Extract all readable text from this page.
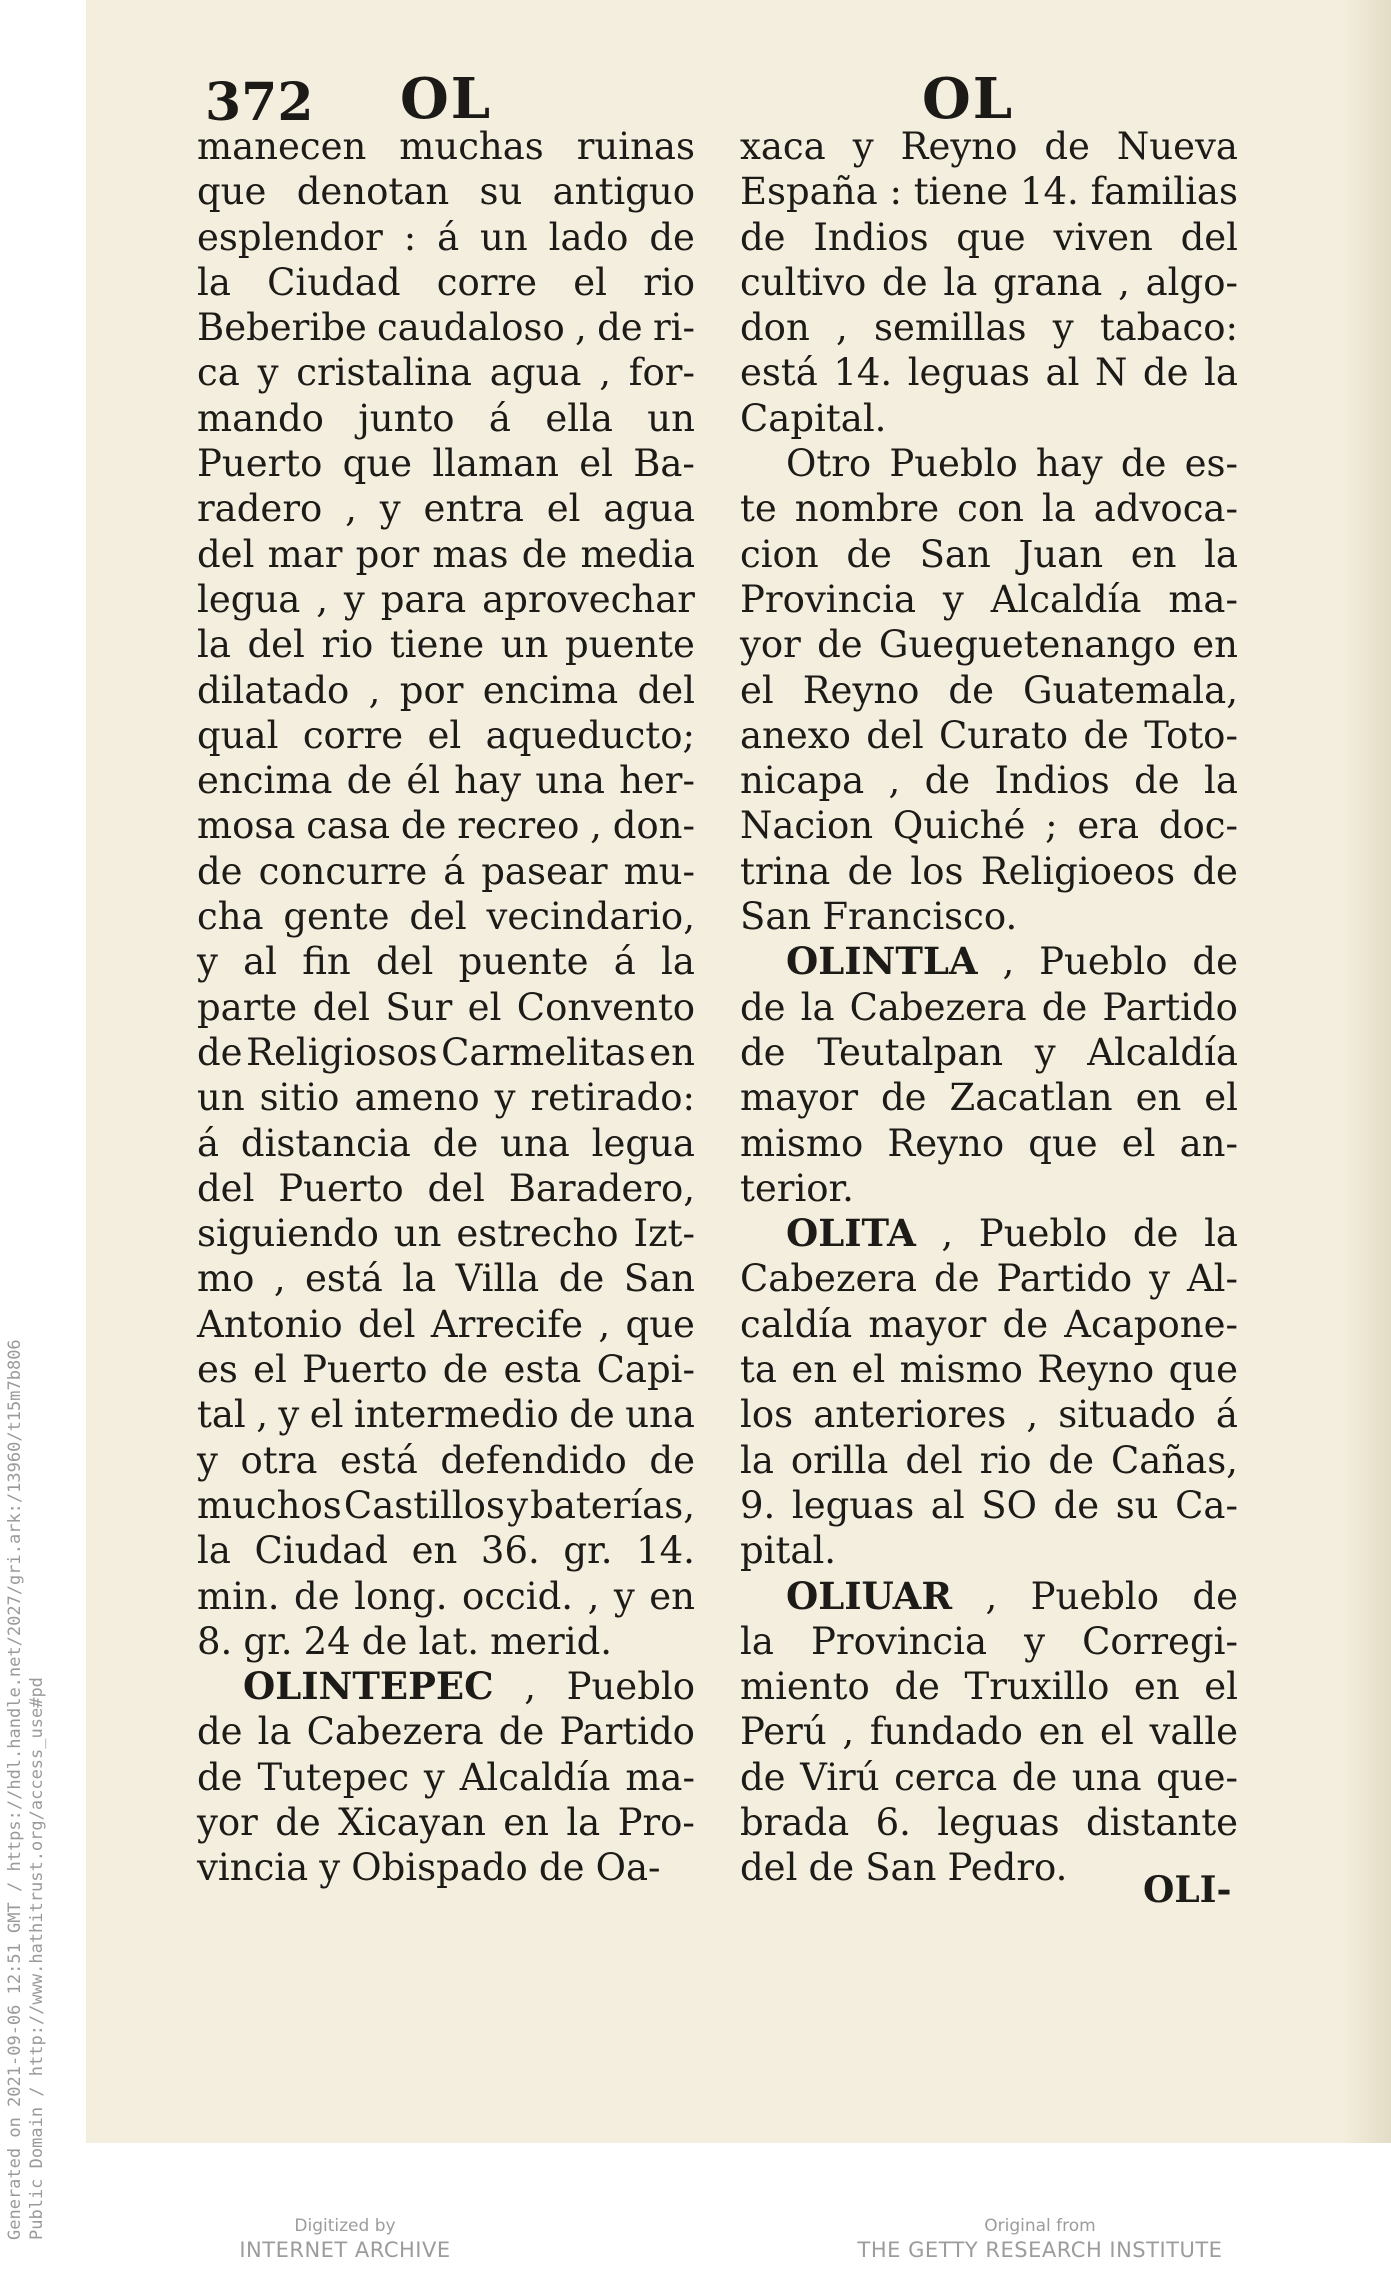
372 OL	OL
manecen muchas ruinas
que denotan su antiguo
esplendor : á un lado de
la Ciudad corre el rio
Beberibe caudaloso , de ri-
ca y cristalina agua , for-
mando junto á ella un
Puerto que llaman el Ba-
radero , y entra el agua
del mar por mas de media
legua , y para aprovechar
la del rio tiene un puente
dilatado , por encima del
qual corre el aqueducto;
encima de él hay una her-
mosa casa de recreo , don-
de concurre á pasear mu-
cha gente del vecindario,
y al fin del puente á la
parte del Sur el Convento
de Religiosos Carmelitas en
un sitio ameno y retirado:
á distancia de una legua
del Puerto del Baradero,
siguiendo un estrecho Izt-
mo , está la Villa de San
Antonio del Arrecife , que
es el Puerto de esta Capi-
tal , y el intermedio de una
y otra está defendido de
muchos Castillos y baterías,
la Ciudad en 36. gr. 14.
min. de long. occid. , y en
8. gr. 24 de lat. merid.
OLINTEPEC , Pueblo
de la Cabezera de Partido
de Tutepec y Alcaldía ma-
yor de Xicayan en la Pro-
vincia y Obispado de Oa-
xaca y Reyno de Nueva
España : tiene 14. familias
de Indios que viven del
cultivo de la grana , algo-
don , semillas y tabaco:
está 14. leguas al N de la
Capital.
Otro Pueblo hay de es-
te nombre con la advoca-
cion de San Juan en la
Provincia y Alcaldía ma-
yor de Gueguetenango en
el Reyno de Guatemala,
anexo del Curato de Toto-
nicapa , de Indios de la
Nacion Quiché ; era doc-
trina de los Religioeos de
San Francisco.
OLINTLA , Pueblo de
de la Cabezera de Partido
de Teutalpan y Alcaldía
mayor de Zacatlan en el
mismo Reyno que el an-
terior.
OLITA , Pueblo de la
Cabezera de Partido y Al-
caldía mayor de Acapone-
ta en el mismo Reyno que
los anteriores , situado á
la orilla del rio de Cañas,
9. leguas al SO de su Ca-
pital.
OLIUAR , Pueblo de
la Provincia y Corregi-
miento de Truxillo en el
Perú , fundado en el valle
de Virú cerca de una que-
brada 6. leguas distante
del de San Pedro.
OLI-
Generated on 2021-09-06 12:51 GMT / https://hdl.handle.net/2027/gri.ark:/13960/t15m7b806 Public Domain / http://www.hathitrust.org/access_use#pd	Digitized by
INTERNET ARCHIVE
Original from
THE GETTY RESEARCH INSTITUTE
